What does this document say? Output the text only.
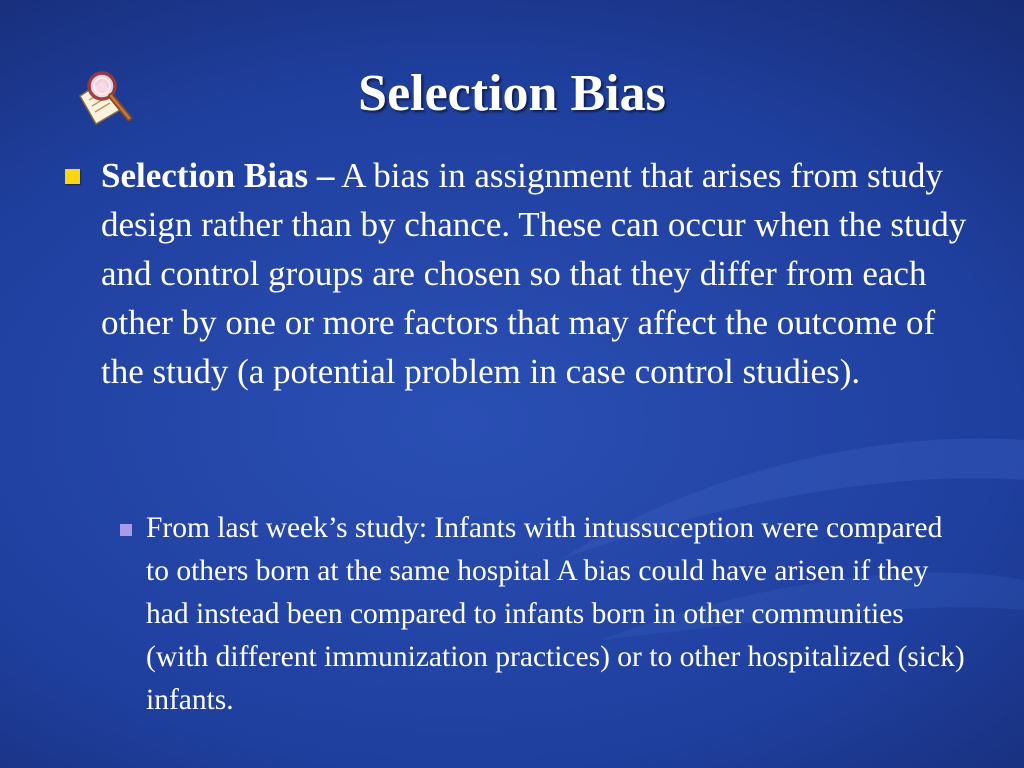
Selection Bias
Selection Bias – A bias in assignment that arises from study design rather than by chance. These can occur when the study and control groups are chosen so that they differ from each other by one or more factors that may affect the outcome of the study (a potential problem in case control studies).
From last week’s study: Infants with intussuception were compared to others born at the same hospital A bias could have arisen if they had instead been compared to infants born in other communities (with different immunization practices) or to other hospitalized (sick) infants.
